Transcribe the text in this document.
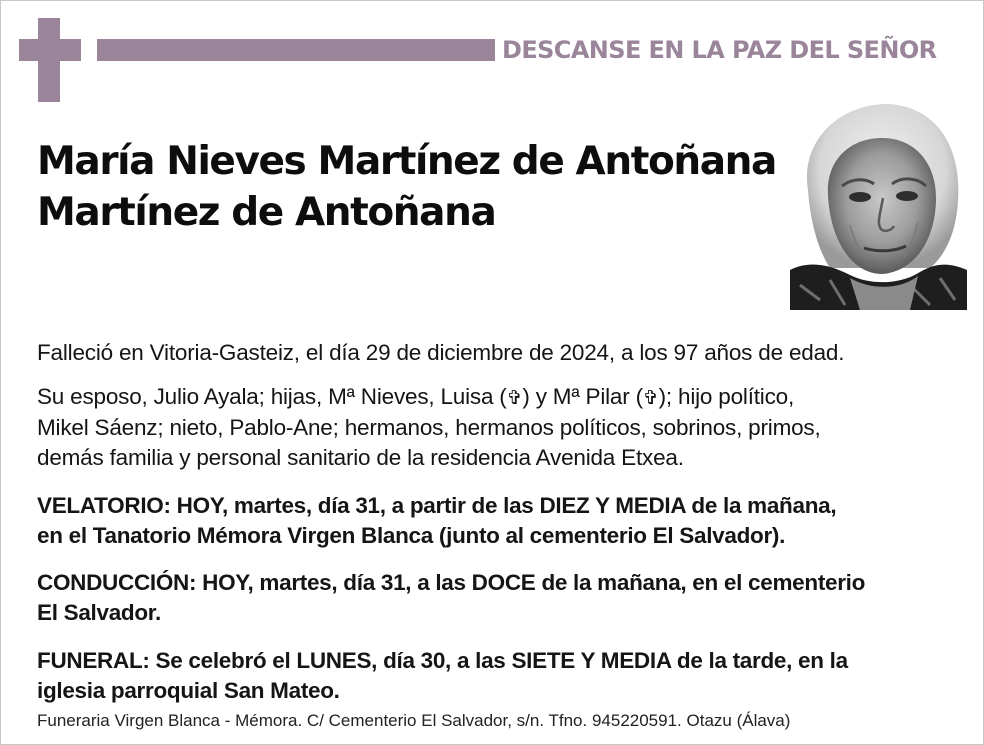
DESCANSE EN LA PAZ DEL SEÑOR
María Nieves Martínez de Antoñana
Martínez de Antoñana
Falleció en Vitoria-Gasteiz, el día 29 de diciembre de 2024, a los 97 años de edad.
Su esposo, Julio Ayala; hijas, Mª Nieves, Luisa (✞) y Mª Pilar (✞); hijo político,
Mikel Sáenz; nieto, Pablo-Ane; hermanos, hermanos políticos, sobrinos, primos,
demás familia y personal sanitario de la residencia Avenida Etxea.
VELATORIO: HOY, martes, día 31, a partir de las DIEZ Y MEDIA de la mañana,
en el Tanatorio Mémora Virgen Blanca (junto al cementerio El Salvador).
CONDUCCIÓN: HOY, martes, día 31, a las DOCE de la mañana, en el cementerio
El Salvador.
FUNERAL: Se celebró el LUNES, día 30, a las SIETE Y MEDIA de la tarde, en la
iglesia parroquial San Mateo.
Funeraria Virgen Blanca - Mémora. C/ Cementerio El Salvador, s/n. Tfno. 945220591. Otazu (Álava)
